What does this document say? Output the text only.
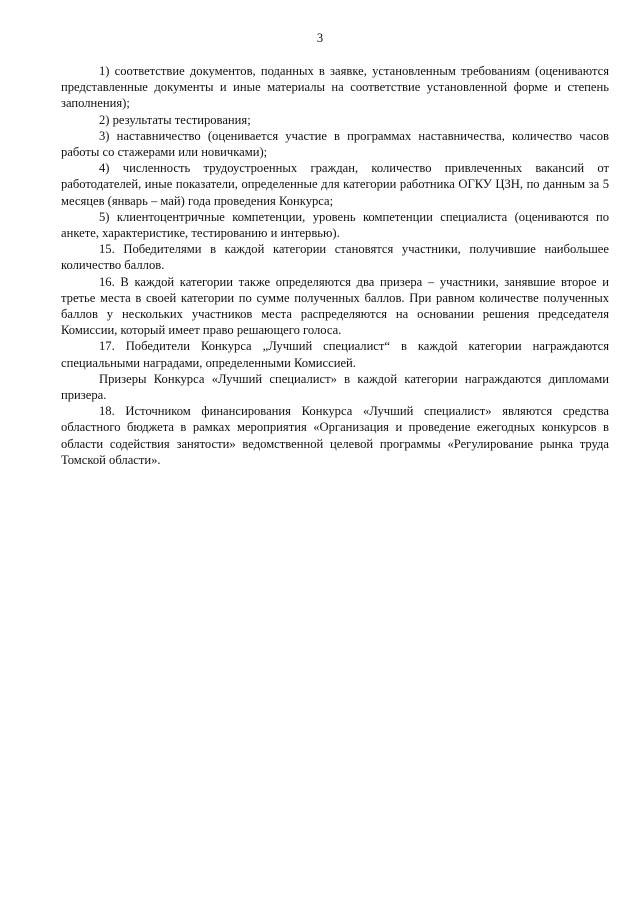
3

1) соответствие документов, поданных в заявке, установленным требованиям (оцениваются представленные документы и иные материалы на соответствие установленной форме и степень заполнения);

2) результаты тестирования;

3) наставничество (оценивается участие в программах наставничества, количество часов работы со стажерами или новичками);

4) численность трудоустроенных граждан, количество привлеченных вакансий от работодателей, иные показатели, определенные для категории работника ОГКУ ЦЗН, по данным за 5 месяцев (январь – май) года проведения Конкурса;

5) клиентоцентричные компетенции, уровень компетенции специалиста (оцениваются по анкете, характеристике, тестированию и интервью).

15. Победителями в каждой категории становятся участники, получившие наибольшее количество баллов.

16. В каждой категории также определяются два призера – участники, занявшие второе и третье места в своей категории по сумме полученных баллов. При равном количестве полученных баллов у нескольких участников места распределяются на основании решения председателя Комиссии, который имеет право решающего голоса.

17. Победители Конкурса „Лучший специалист“ в каждой категории награждаются специальными наградами, определенными Комиссией.

Призеры Конкурса «Лучший специалист» в каждой категории награждаются дипломами призера.

18. Источником финансирования Конкурса «Лучший специалист» являются средства областного бюджета в рамках мероприятия «Организация и проведение ежегодных конкурсов в области содействия занятости» ведомственной целевой программы «Регулирование рынка труда Томской области».
